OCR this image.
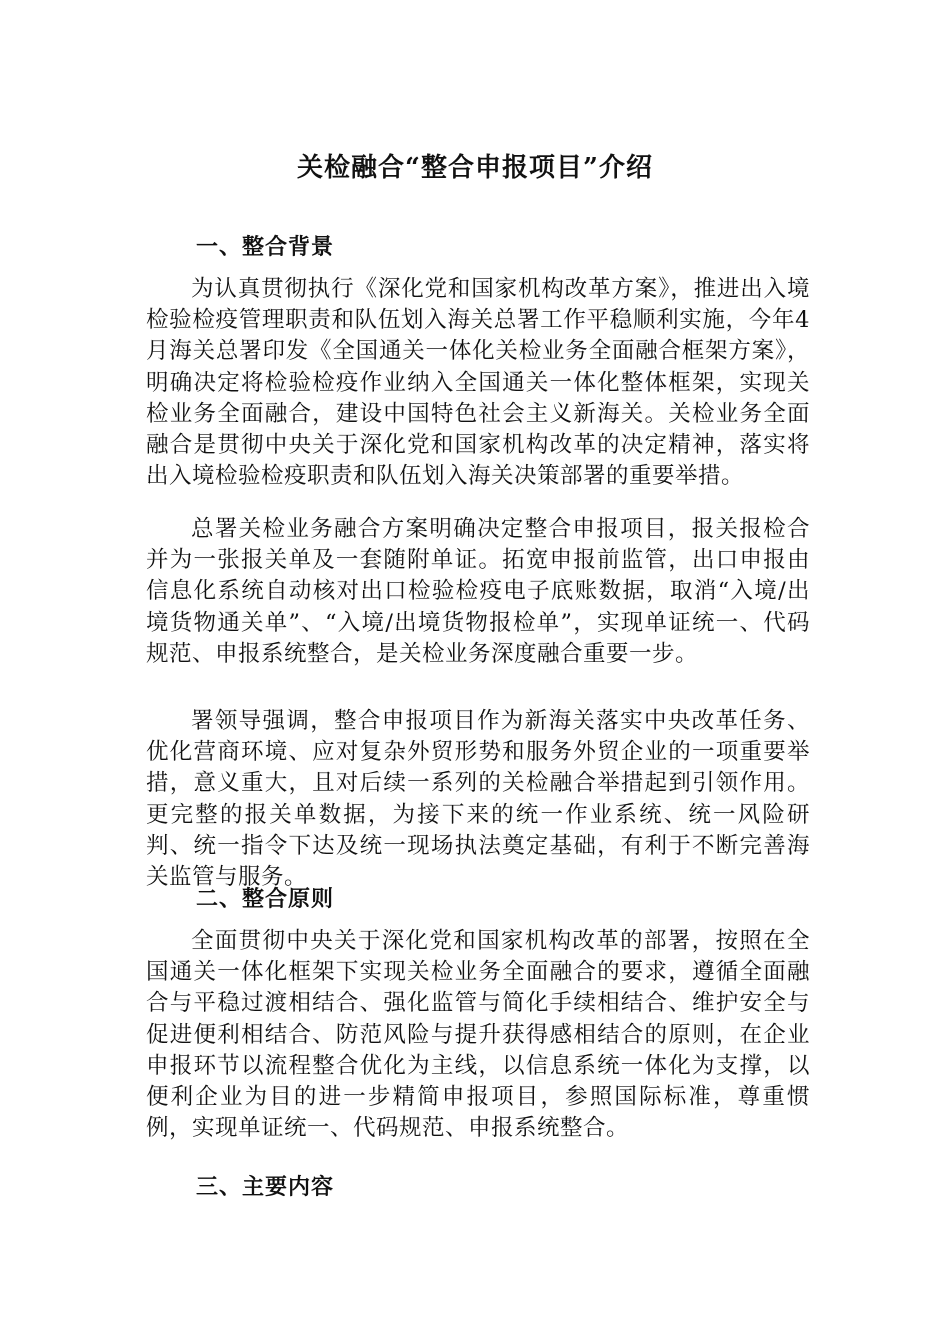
关检融合“整合申报项目”介绍
一、整合背景

为认真贯彻执行《深化党和国家机构改革方案》，推进出入境检验检疫管理职责和队伍划入海关总署工作平稳顺利实施，今年4月海关总署印发《全国通关一体化关检业务全面融合框架方案》，明确决定将检验检疫作业纳入全国通关一体化整体框架，实现关检业务全面融合，建设中国特色社会主义新海关。关检业务全面融合是贯彻中央关于深化党和国家机构改革的决定精神，落实将出入境检验检疫职责和队伍划入海关决策部署的重要举措。

总署关检业务融合方案明确决定整合申报项目，报关报检合并为一张报关单及一套随附单证。拓宽申报前监管，出口申报由信息化系统自动核对出口检验检疫电子底账数据，取消“入境/出境货物通关单”、“入境/出境货物报检单”，实现单证统一、代码规范、申报系统整合，是关检业务深度融合重要一步。

署领导强调，整合申报项目作为新海关落实中央改革任务、优化营商环境、应对复杂外贸形势和服务外贸企业的一项重要举措，意义重大，且对后续一系列的关检融合举措起到引领作用。更完整的报关单数据，为接下来的统一作业系统、统一风险研判、统一指令下达及统一现场执法奠定基础，有利于不断完善海关监管与服务。

二、整合原则

全面贯彻中央关于深化党和国家机构改革的部署，按照在全国通关一体化框架下实现关检业务全面融合的要求，遵循全面融合与平稳过渡相结合、强化监管与简化手续相结合、维护安全与促进便利相结合、防范风险与提升获得感相结合的原则，在企业申报环节以流程整合优化为主线，以信息系统一体化为支撑，以便利企业为目的进一步精简申报项目，参照国际标准，尊重惯例，实现单证统一、代码规范、申报系统整合。

三、主要内容
